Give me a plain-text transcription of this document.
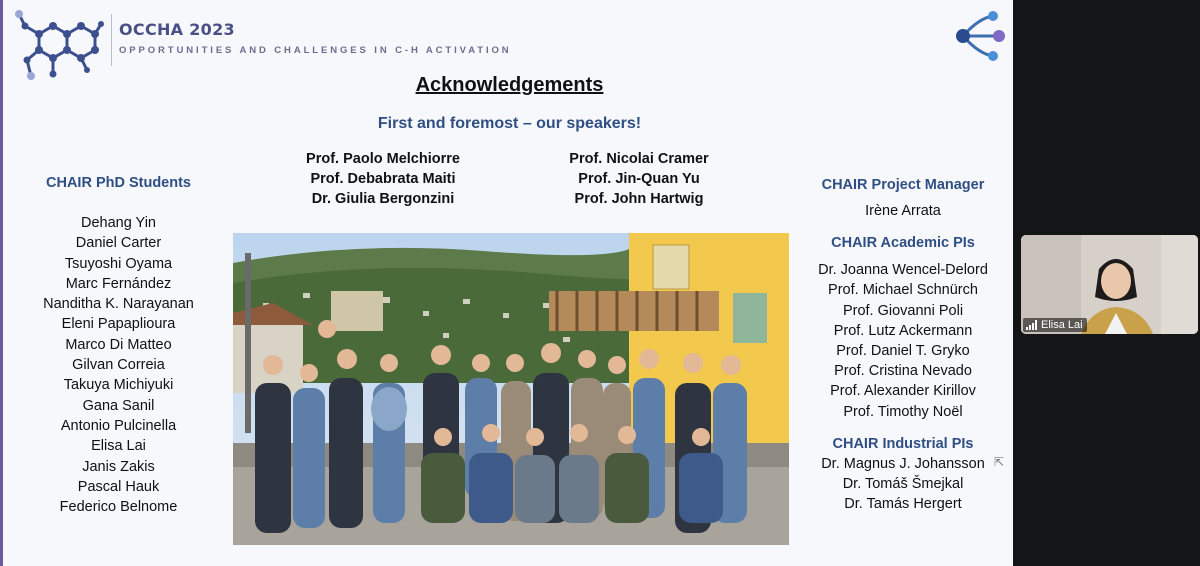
OCCHA 2023
OPPORTUNITIES AND CHALLENGES IN C-H ACTIVATION
Acknowledgements
First and foremost – our speakers!
Prof. Paolo Melchiorre
Prof. Debabrata Maiti
Dr. Giulia Bergonzini
Prof. Nicolai Cramer
Prof. Jin-Quan Yu
Prof. John Hartwig
CHAIR PhD Students
Dehang Yin
Daniel Carter
Tsuyoshi Oyama
Marc Fernández
Nanditha K. Narayanan
Eleni Papaplioura
Marco Di Matteo
Gilvan Correia
Takuya Michiyuki
Gana Sanil
Antonio Pulcinella
Elisa Lai
Janis Zakis
Pascal Hauk
Federico Belnome
CHAIR Project Manager
Irène Arrata
CHAIR Academic PIs
Dr. Joanna Wencel-Delord
Prof. Michael Schnürch
Prof. Giovanni Poli
Prof. Lutz Ackermann
Prof. Daniel T. Gryko
Prof. Cristina Nevado
Prof. Alexander Kirillov
Prof. Timothy Noël
CHAIR Industrial PIs
Dr. Magnus J. Johansson
Dr. Tomáš Šmejkal
Dr. Tamás Hergert
⇱
Elisa Lai
